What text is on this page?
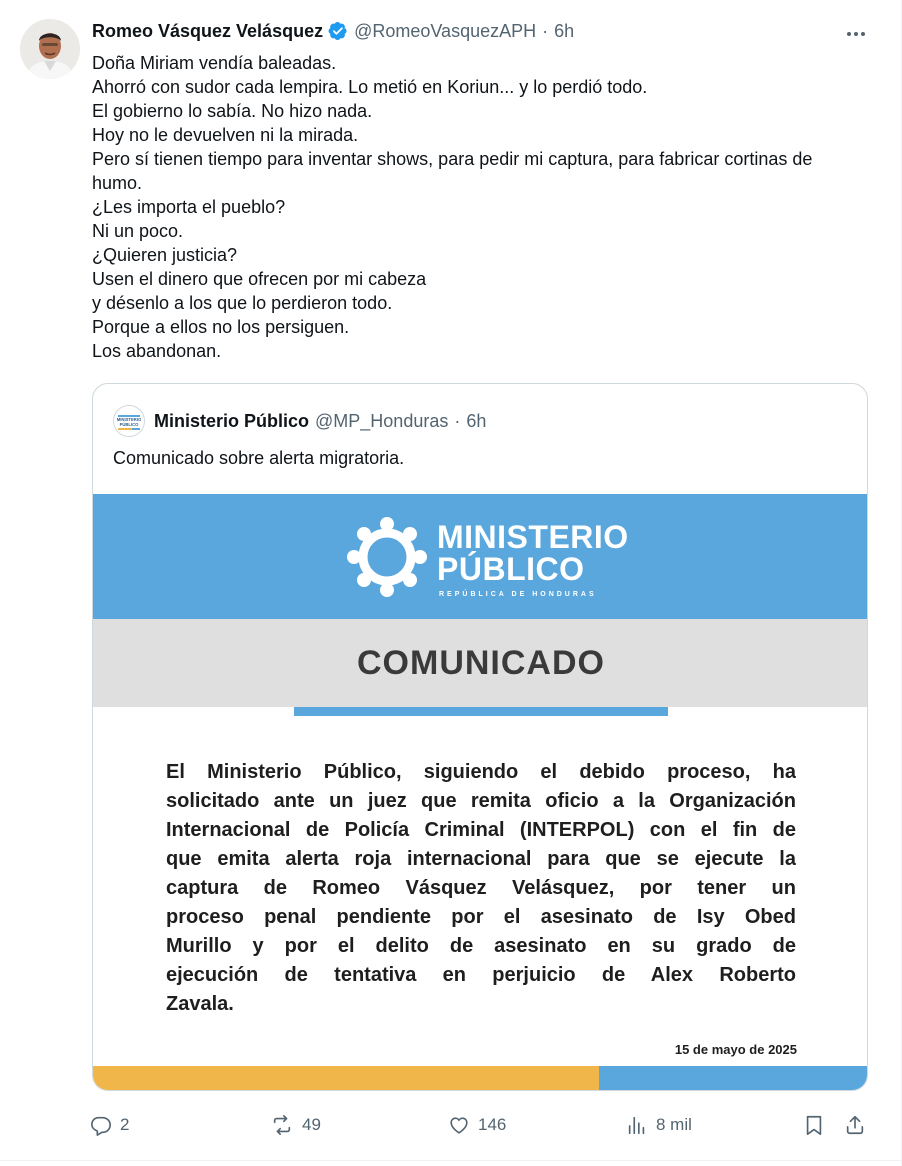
Romeo Vásquez Velásquez @RomeoVasquezAPH · 6h
Doña Miriam vendía baleadas.
Ahorró con sudor cada lempira. Lo metió en Koriun... y lo perdió todo.
El gobierno lo sabía. No hizo nada.
Hoy no le devuelven ni la mirada.
Pero sí tienen tiempo para inventar shows, para pedir mi captura, para fabricar cortinas de
humo.
¿Les importa el pueblo?
Ni un poco.
¿Quieren justicia?
Usen el dinero que ofrecen por mi cabeza
y désenlo a los que lo perdieron todo.
Porque a ellos no los persiguen.
Los abandonan.
MINISTERIO
PÚBLICO Ministerio Público @MP_Honduras · 6h
Comunicado sobre alerta migratoria.
MINISTERIO
PÚBLICO
REPÚBLICA DE HONDURAS
COMUNICADO
El Ministerio Público, siguiendo el debido proceso, ha
solicitado ante un juez que remita oficio a la Organización
Internacional de Policía Criminal (INTERPOL) con el fin de
que emita alerta roja internacional para que se ejecute la
captura de Romeo Vásquez Velásquez, por tener un
proceso penal pendiente por el asesinato de Isy Obed
Murillo y por el delito de asesinato en su grado de
ejecución de tentativa en perjuicio de Alex Roberto
Zavala.
15 de mayo de 2025
2	49	146	8 mil
